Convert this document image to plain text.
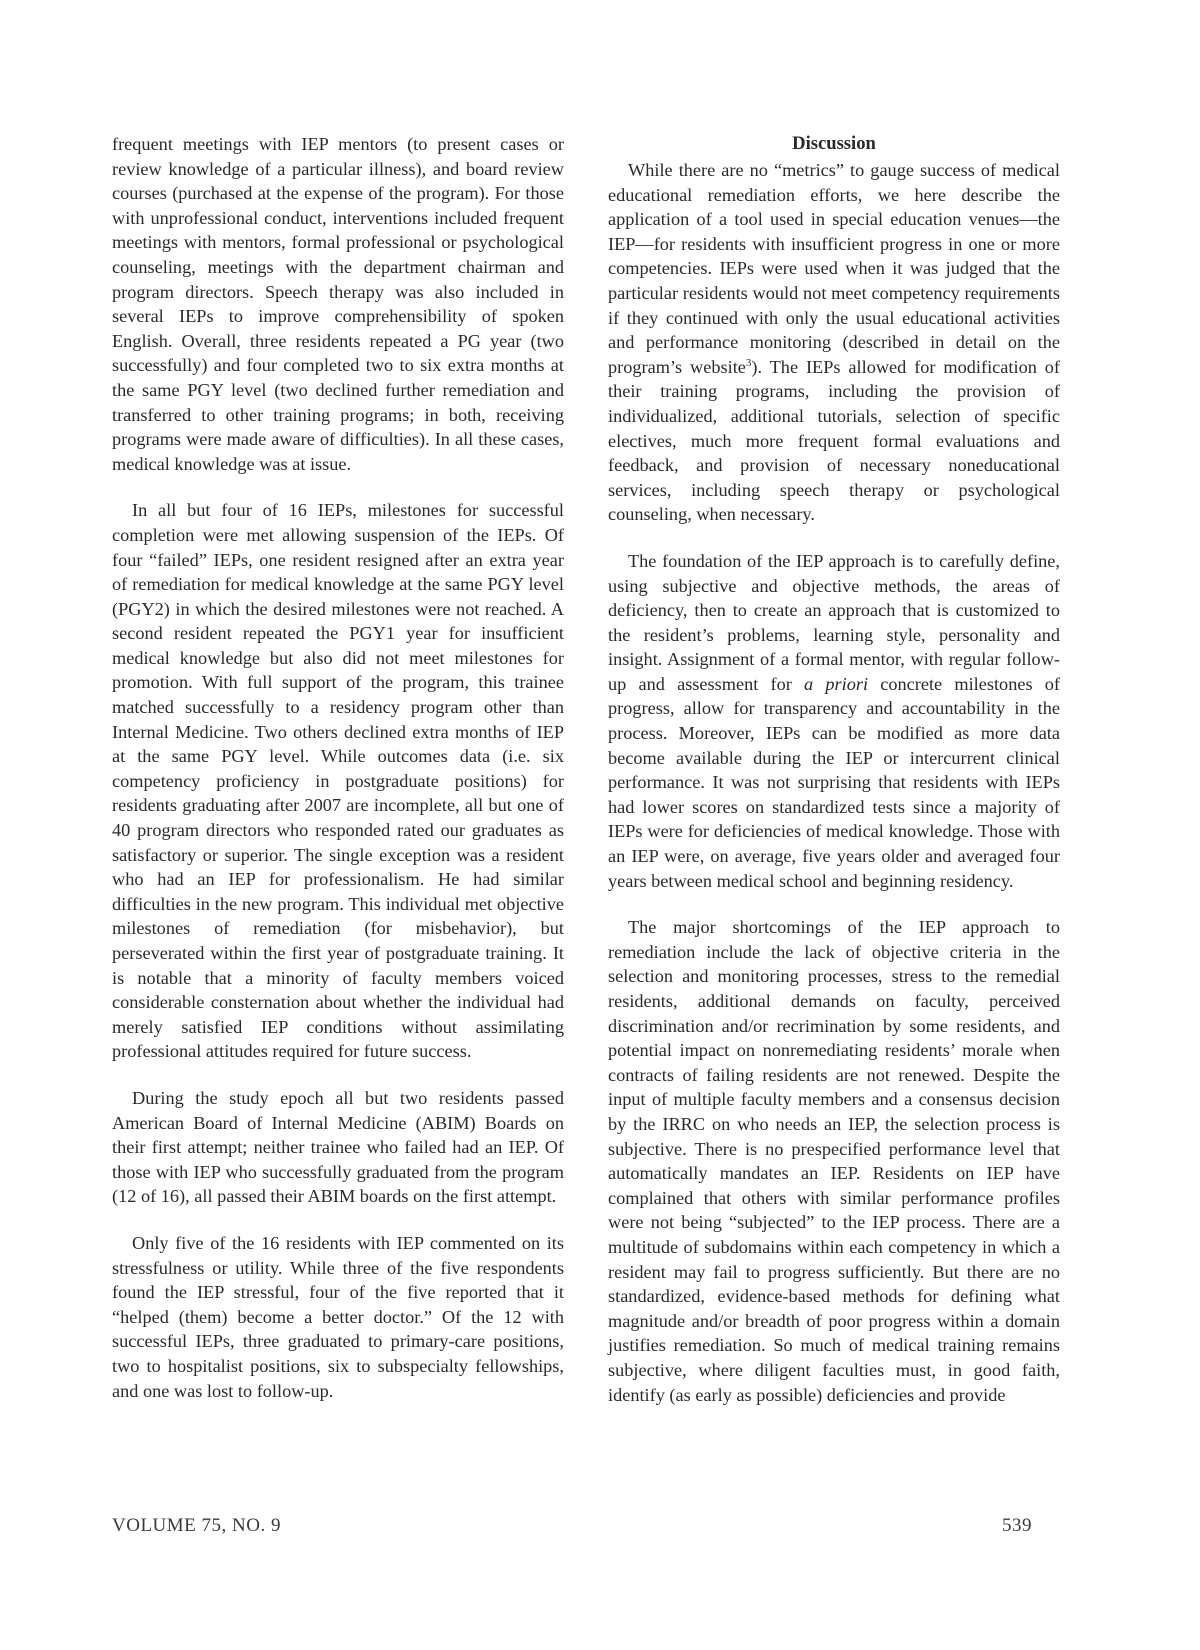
frequent meetings with IEP mentors (to present cases or review knowledge of a particular illness), and board review courses (purchased at the expense of the program). For those with unprofessional conduct, interventions included frequent meetings with mentors, formal professional or psychological counseling, meetings with the department chairman and program directors. Speech therapy was also included in several IEPs to improve comprehensibility of spoken English. Overall, three residents repeated a PG year (two successfully) and four completed two to six extra months at the same PGY level (two declined further remediation and transferred to other training programs; in both, receiving programs were made aware of difficulties). In all these cases, medical knowledge was at issue.

In all but four of 16 IEPs, milestones for successful completion were met allowing suspension of the IEPs. Of four “failed” IEPs, one resident resigned after an extra year of remediation for medical knowledge at the same PGY level (PGY2) in which the desired milestones were not reached. A second resident repeated the PGY1 year for insufficient medical knowledge but also did not meet milestones for promotion. With full support of the program, this trainee matched successfully to a residency program other than Internal Medicine. Two others declined extra months of IEP at the same PGY level. While outcomes data (i.e. six competency proficiency in postgraduate positions) for residents graduating after 2007 are incomplete, all but one of 40 program directors who responded rated our graduates as satisfactory or superior. The single exception was a resident who had an IEP for professionalism. He had similar difficulties in the new program. This individual met objective milestones of remediation (for misbehavior), but perseverated within the first year of postgraduate training. It is notable that a minority of faculty members voiced considerable consternation about whether the individual had merely satisfied IEP conditions without assimilating professional attitudes required for future success.

During the study epoch all but two residents passed American Board of Internal Medicine (ABIM) Boards on their first attempt; neither trainee who failed had an IEP. Of those with IEP who successfully graduated from the program (12 of 16), all passed their ABIM boards on the first attempt.

Only five of the 16 residents with IEP commented on its stressfulness or utility. While three of the five respondents found the IEP stressful, four of the five reported that it “helped (them) become a better doctor.” Of the 12 with successful IEPs, three graduated to primary-care positions, two to hospitalist positions, six to subspecialty fellowships, and one was lost to follow-up.

Discussion

While there are no “metrics” to gauge success of medical educational remediation efforts, we here describe the application of a tool used in special education venues—the IEP—for residents with insufficient progress in one or more competencies. IEPs were used when it was judged that the particular residents would not meet competency requirements if they continued with only the usual educational activities and performance monitoring (described in detail on the program’s website$^3$). The IEPs allowed for modification of their training programs, including the provision of individualized, additional tutorials, selection of specific electives, much more frequent formal evaluations and feedback, and provision of necessary noneducational services, including speech therapy or psychological counseling, when necessary.

The foundation of the IEP approach is to carefully define, using subjective and objective methods, the areas of deficiency, then to create an approach that is customized to the resident’s problems, learning style, personality and insight. Assignment of a formal mentor, with regular follow-up and assessment for a priori concrete milestones of progress, allow for transparency and accountability in the process. Moreover, IEPs can be modified as more data become available during the IEP or intercurrent clinical performance. It was not surprising that residents with IEPs had lower scores on standardized tests since a majority of IEPs were for deficiencies of medical knowledge. Those with an IEP were, on average, five years older and averaged four years between medical school and beginning residency.

The major shortcomings of the IEP approach to remediation include the lack of objective criteria in the selection and monitoring processes, stress to the remedial residents, additional demands on faculty, perceived discrimination and/or recrimination by some residents, and potential impact on nonremediating residents’ morale when contracts of failing residents are not renewed. Despite the input of multiple faculty members and a consensus decision by the IRRC on who needs an IEP, the selection process is subjective. There is no prespecified performance level that automatically mandates an IEP. Residents on IEP have complained that others with similar performance profiles were not being “subjected” to the IEP process. There are a multitude of subdomains within each competency in which a resident may fail to progress sufficiently. But there are no standardized, evidence-based methods for defining what magnitude and/or breadth of poor progress within a domain justifies remediation. So much of medical training remains subjective, where diligent faculties must, in good faith, identify (as early as possible) deficiencies and provide

VOLUME 75, NO. 9	539
